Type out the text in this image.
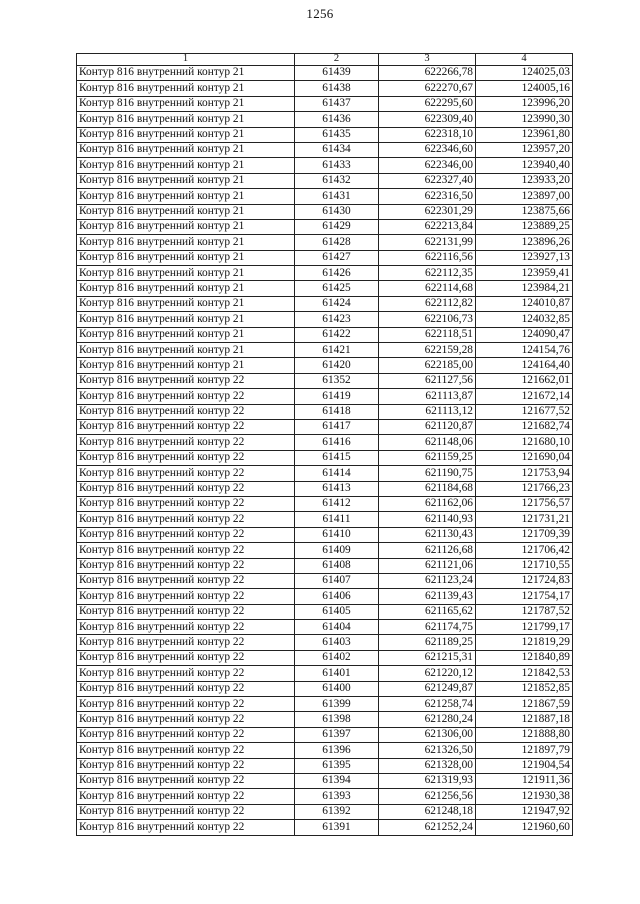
1256
1	2	3	4
Контур 816 внутренний контур 21	61439	622266,78	124025,03
Контур 816 внутренний контур 21	61438	622270,67	124005,16
Контур 816 внутренний контур 21	61437	622295,60	123996,20
Контур 816 внутренний контур 21	61436	622309,40	123990,30
Контур 816 внутренний контур 21	61435	622318,10	123961,80
Контур 816 внутренний контур 21	61434	622346,60	123957,20
Контур 816 внутренний контур 21	61433	622346,00	123940,40
Контур 816 внутренний контур 21	61432	622327,40	123933,20
Контур 816 внутренний контур 21	61431	622316,50	123897,00
Контур 816 внутренний контур 21	61430	622301,29	123875,66
Контур 816 внутренний контур 21	61429	622213,84	123889,25
Контур 816 внутренний контур 21	61428	622131,99	123896,26
Контур 816 внутренний контур 21	61427	622116,56	123927,13
Контур 816 внутренний контур 21	61426	622112,35	123959,41
Контур 816 внутренний контур 21	61425	622114,68	123984,21
Контур 816 внутренний контур 21	61424	622112,82	124010,87
Контур 816 внутренний контур 21	61423	622106,73	124032,85
Контур 816 внутренний контур 21	61422	622118,51	124090,47
Контур 816 внутренний контур 21	61421	622159,28	124154,76
Контур 816 внутренний контур 21	61420	622185,00	124164,40
Контур 816 внутренний контур 22	61352	621127,56	121662,01
Контур 816 внутренний контур 22	61419	621113,87	121672,14
Контур 816 внутренний контур 22	61418	621113,12	121677,52
Контур 816 внутренний контур 22	61417	621120,87	121682,74
Контур 816 внутренний контур 22	61416	621148,06	121680,10
Контур 816 внутренний контур 22	61415	621159,25	121690,04
Контур 816 внутренний контур 22	61414	621190,75	121753,94
Контур 816 внутренний контур 22	61413	621184,68	121766,23
Контур 816 внутренний контур 22	61412	621162,06	121756,57
Контур 816 внутренний контур 22	61411	621140,93	121731,21
Контур 816 внутренний контур 22	61410	621130,43	121709,39
Контур 816 внутренний контур 22	61409	621126,68	121706,42
Контур 816 внутренний контур 22	61408	621121,06	121710,55
Контур 816 внутренний контур 22	61407	621123,24	121724,83
Контур 816 внутренний контур 22	61406	621139,43	121754,17
Контур 816 внутренний контур 22	61405	621165,62	121787,52
Контур 816 внутренний контур 22	61404	621174,75	121799,17
Контур 816 внутренний контур 22	61403	621189,25	121819,29
Контур 816 внутренний контур 22	61402	621215,31	121840,89
Контур 816 внутренний контур 22	61401	621220,12	121842,53
Контур 816 внутренний контур 22	61400	621249,87	121852,85
Контур 816 внутренний контур 22	61399	621258,74	121867,59
Контур 816 внутренний контур 22	61398	621280,24	121887,18
Контур 816 внутренний контур 22	61397	621306,00	121888,80
Контур 816 внутренний контур 22	61396	621326,50	121897,79
Контур 816 внутренний контур 22	61395	621328,00	121904,54
Контур 816 внутренний контур 22	61394	621319,93	121911,36
Контур 816 внутренний контур 22	61393	621256,56	121930,38
Контур 816 внутренний контур 22	61392	621248,18	121947,92
Контур 816 внутренний контур 22	61391	621252,24	121960,60
